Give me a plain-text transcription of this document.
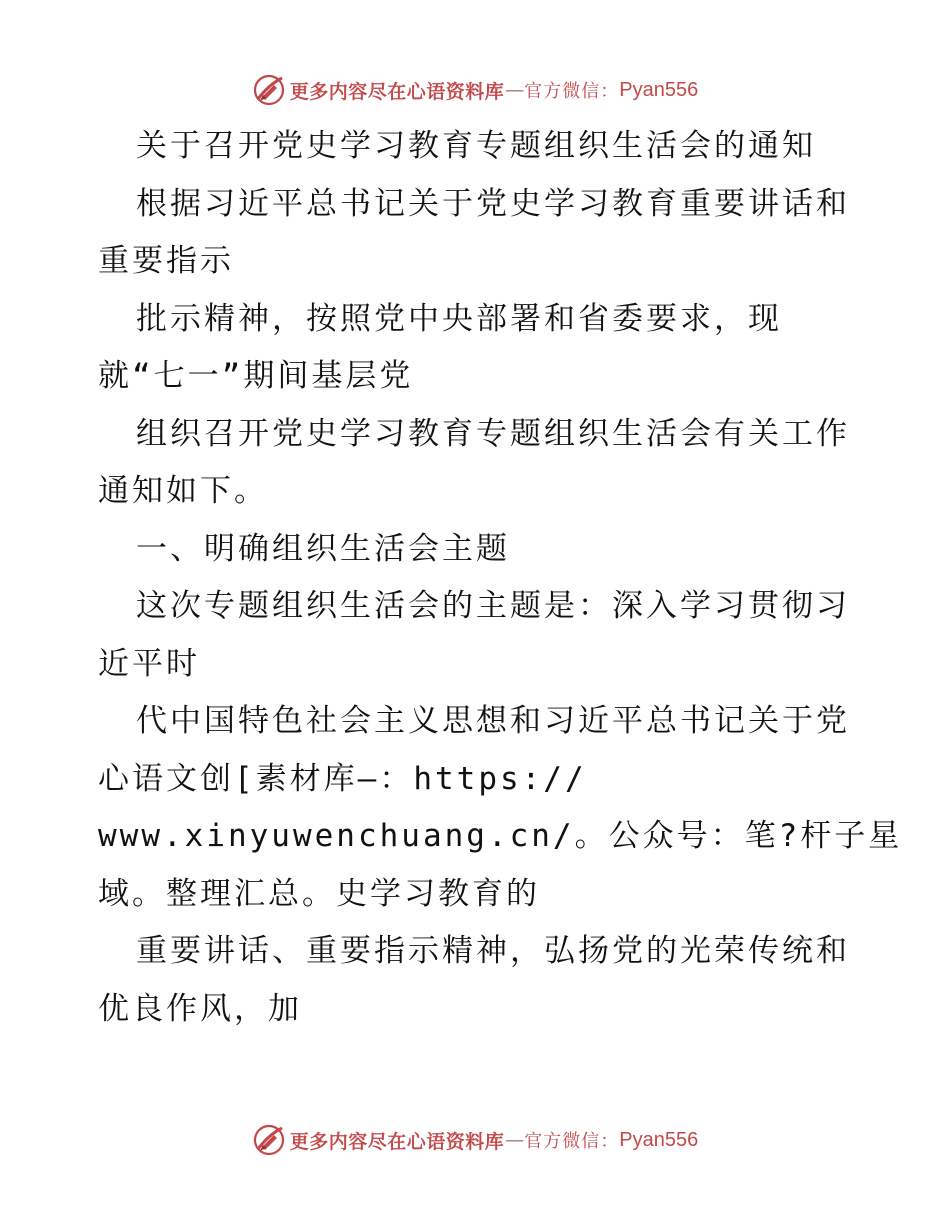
更多内容尽在心语资料库 — 官方微信： Pyan556
关于召开党史学习教育专题组织生活会的通知
根据习近平总书记关于党史学习教育重要讲话和
重要指示
批示精神，按照党中央部署和省委要求，现
就“七一”期间基层党
组织召开党史学习教育专题组织生活会有关工作
通知如下。
一、明确组织生活会主题
这次专题组织生活会的主题是：深入学习贯彻习
近平时
代中国特色社会主义思想和习近平总书记关于党
心语文创[素材库—：https://
www.xinyuwenchuang.cn/。公众号：笔?杆子星
域。整理汇总。史学习教育的
重要讲话、重要指示精神，弘扬党的光荣传统和
优良作风，加
更多内容尽在心语资料库 — 官方微信： Pyan556
